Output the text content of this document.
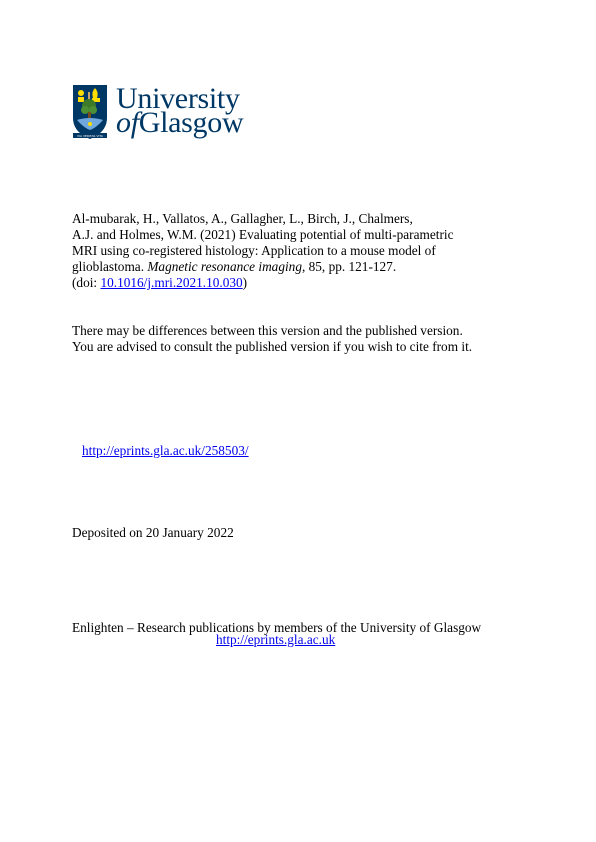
VIA VERITAS VITA
University
ofGlasgow
Al-mubarak, H., Vallatos, A., Gallagher, L., Birch, J., Chalmers,
A.J. and Holmes, W.M. (2021) Evaluating potential of multi-parametric
MRI using co-registered histology: Application to a mouse model of
glioblastoma. Magnetic resonance imaging, 85, pp. 121-127.
(doi: 10.1016/j.mri.2021.10.030)
There may be differences between this version and the published version.
You are advised to consult the published version if you wish to cite from it.
http://eprints.gla.ac.uk/258503/
Deposited on 20 January 2022
Enlighten – Research publications by members of the University of Glasgow
http://eprints.gla.ac.uk
